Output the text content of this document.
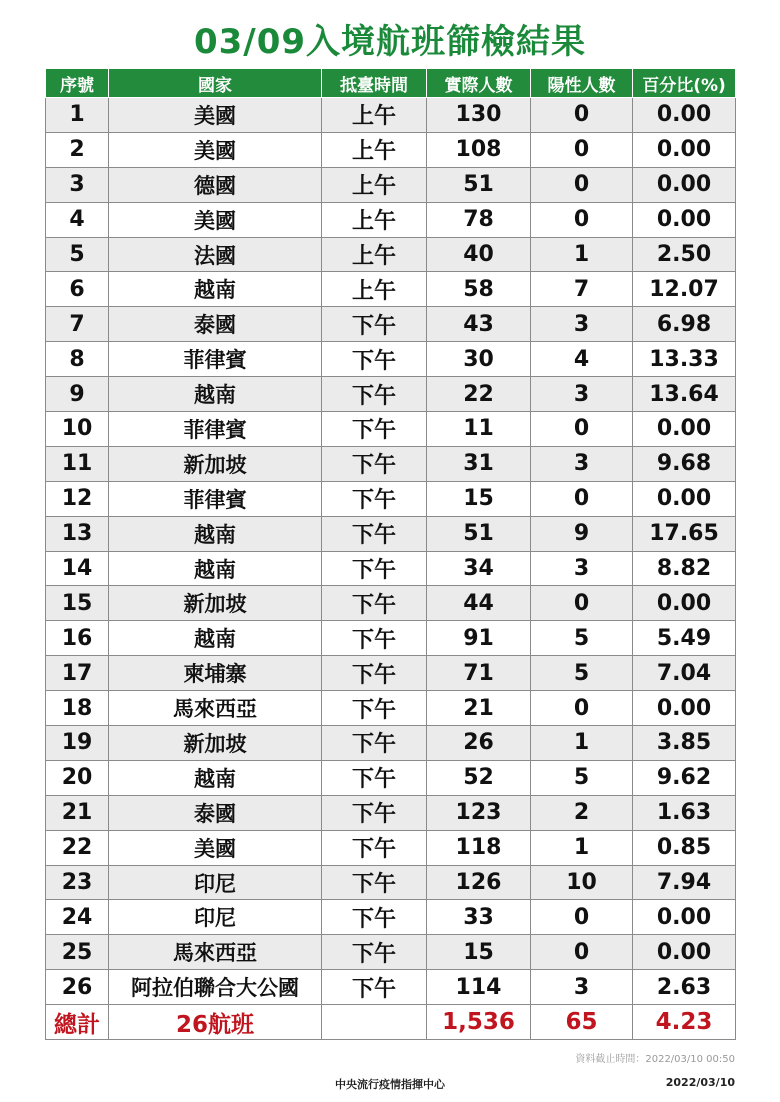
03/09入境航班篩檢結果
序號	國家	抵臺時間	實際人數	陽性人數	百分比(%)
1	美國	上午	130	0	0.00
2	美國	上午	108	0	0.00
3	德國	上午	51	0	0.00
4	美國	上午	78	0	0.00
5	法國	上午	40	1	2.50
6	越南	上午	58	7	12.07
7	泰國	下午	43	3	6.98
8	菲律賓	下午	30	4	13.33
9	越南	下午	22	3	13.64
10	菲律賓	下午	11	0	0.00
11	新加坡	下午	31	3	9.68
12	菲律賓	下午	15	0	0.00
13	越南	下午	51	9	17.65
14	越南	下午	34	3	8.82
15	新加坡	下午	44	0	0.00
16	越南	下午	91	5	5.49
17	柬埔寨	下午	71	5	7.04
18	馬來西亞	下午	21	0	0.00
19	新加坡	下午	26	1	3.85
20	越南	下午	52	5	9.62
21	泰國	下午	123	2	1.63
22	美國	下午	118	1	0.85
23	印尼	下午	126	10	7.94
24	印尼	下午	33	0	0.00
25	馬來西亞	下午	15	0	0.00
26	阿拉伯聯合大公國	下午	114	3	2.63
總計	26航班		1,536	65	4.23
資料截止時間：2022/03/10 00:50
中央流行疫情指揮中心	2022/03/10
